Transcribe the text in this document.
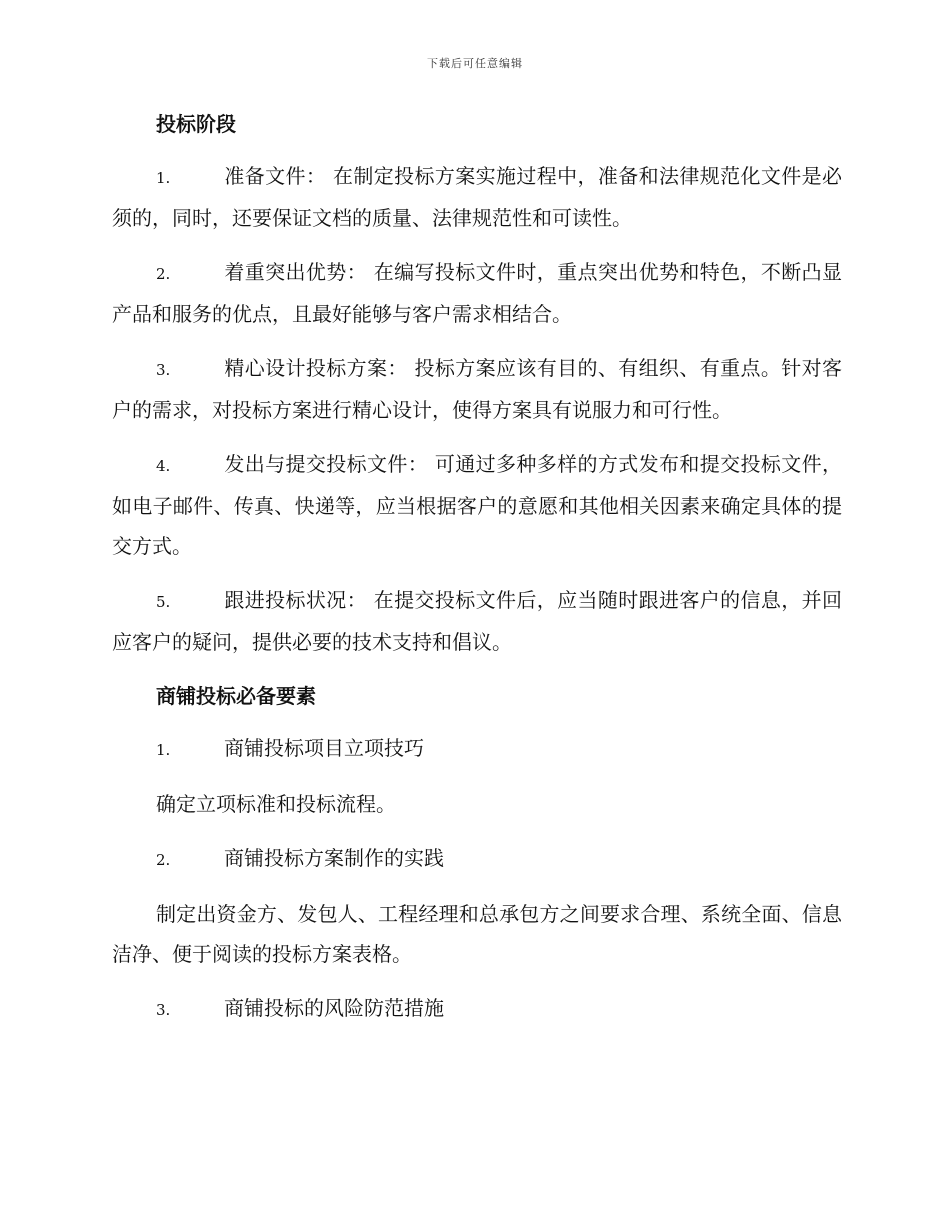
下载后可任意编辑
投标阶段

1.	准备文件： 在制定投标方案实施过程中，准备和法律规范化文件是必须的，同时，还要保证文档的质量、法律规范性和可读性。

2.	着重突出优势： 在编写投标文件时，重点突出优势和特色，不断凸显产品和服务的优点，且最好能够与客户需求相结合。

3.	精心设计投标方案： 投标方案应该有目的、有组织、有重点。针对客户的需求，对投标方案进行精心设计，使得方案具有说服力和可行性。

4.	发出与提交投标文件： 可通过多种多样的方式发布和提交投标文件，如电子邮件、传真、快递等，应当根据客户的意愿和其他相关因素来确定具体的提交方式。

5.	跟进投标状况： 在提交投标文件后，应当随时跟进客户的信息，并回应客户的疑问，提供必要的技术支持和倡议。

商铺投标必备要素

1.	商铺投标项目立项技巧

确定立项标准和投标流程。

2.	商铺投标方案制作的实践

制定出资金方、发包人、工程经理和总承包方之间要求合理、系统全面、信息洁净、便于阅读的投标方案表格。

3.	商铺投标的风险防范措施
